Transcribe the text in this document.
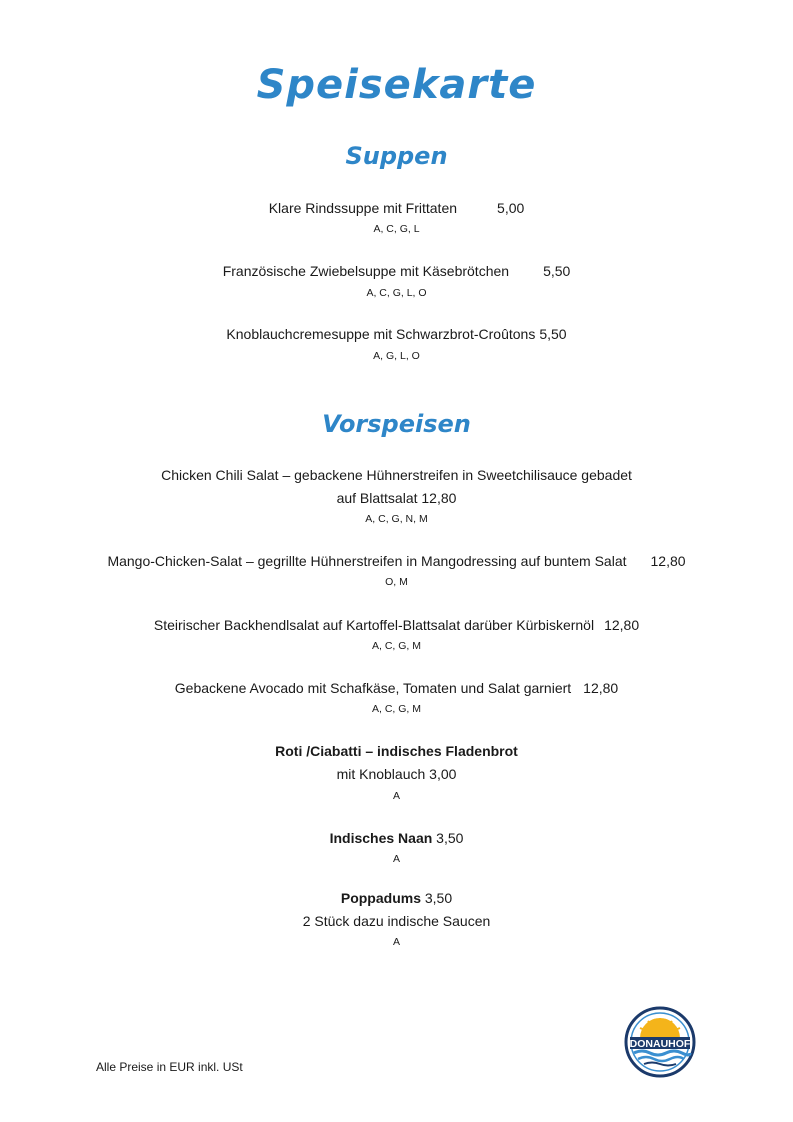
Speisekarte
Suppen
Klare Rindssuppe mit Frittaten	5,00
A, C, G, L
Französische Zwiebelsuppe mit Käsebrötchen 5,50
A, C, G, L, O
Knoblauchcremesuppe mit Schwarzbrot-Croûtons 5,50
A, G, L, O
Vorspeisen
Chicken Chili Salat – gebackene Hühnerstreifen in Sweetchilisauce gebadet
auf Blattsalat 12,80
A, C, G, N, M
Mango-Chicken-Salat – gegrillte Hühnerstreifen in Mangodressing auf buntem Salat 12,80
O, M
Steirischer Backhendlsalat auf Kartoffel-Blattsalat darüber Kürbiskernöl 12,80
A, C, G, M
Gebackene Avocado mit Schafkäse, Tomaten und Salat garniert 12,80
A, C, G, M
Roti /Ciabatti – indisches Fladenbrot
mit Knoblauch 3,00
A
Indisches Naan 3,50
A
Poppadums 3,50
2 Stück dazu indische Saucen
A
DONAUHOF
Alle Preise in EUR inkl. USt
